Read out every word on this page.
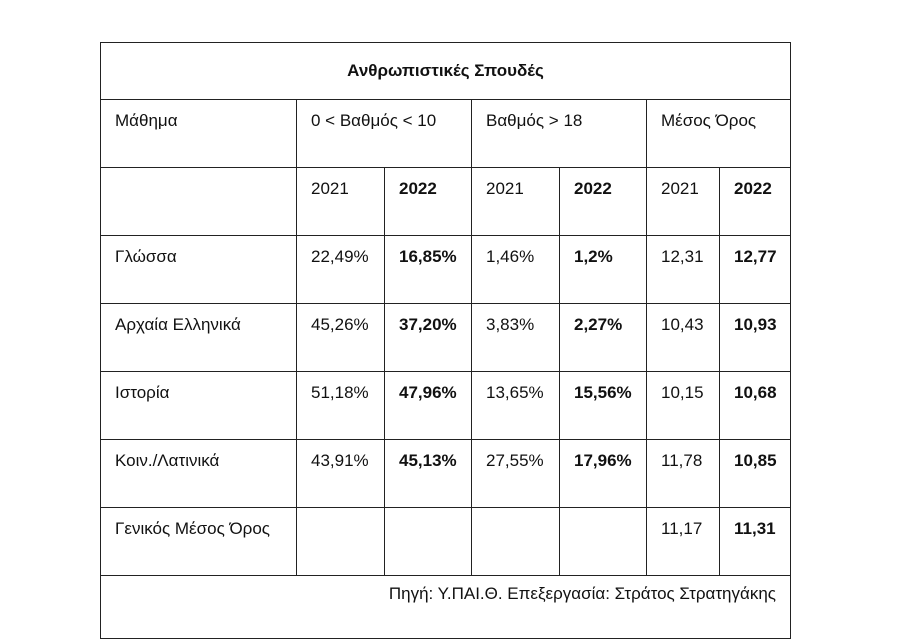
Ανθρωπιστικές Σπουδές						
Μάθημα	0 < Βαθμός < 10		Βαθμός > 18		Μέσος Όρος	
	2021	2022	2021	2022	2021	2022
Γλώσσα	22,49%	16,85%	1,46%	1,2%	12,31	12,77
Αρχαία Ελληνικά	45,26%	37,20%	3,83%	2,27%	10,43	10,93
Ιστορία	51,18%	47,96%	13,65%	15,56%	10,15	10,68
Κοιν./Λατινικά	43,91%	45,13%	27,55%	17,96%	11,78	10,85
Γενικός Μέσος Όρος					11,17	11,31
Πηγή: Υ.ΠΑΙ.Θ. Επεξεργασία: Στράτος Στρατηγάκης						
